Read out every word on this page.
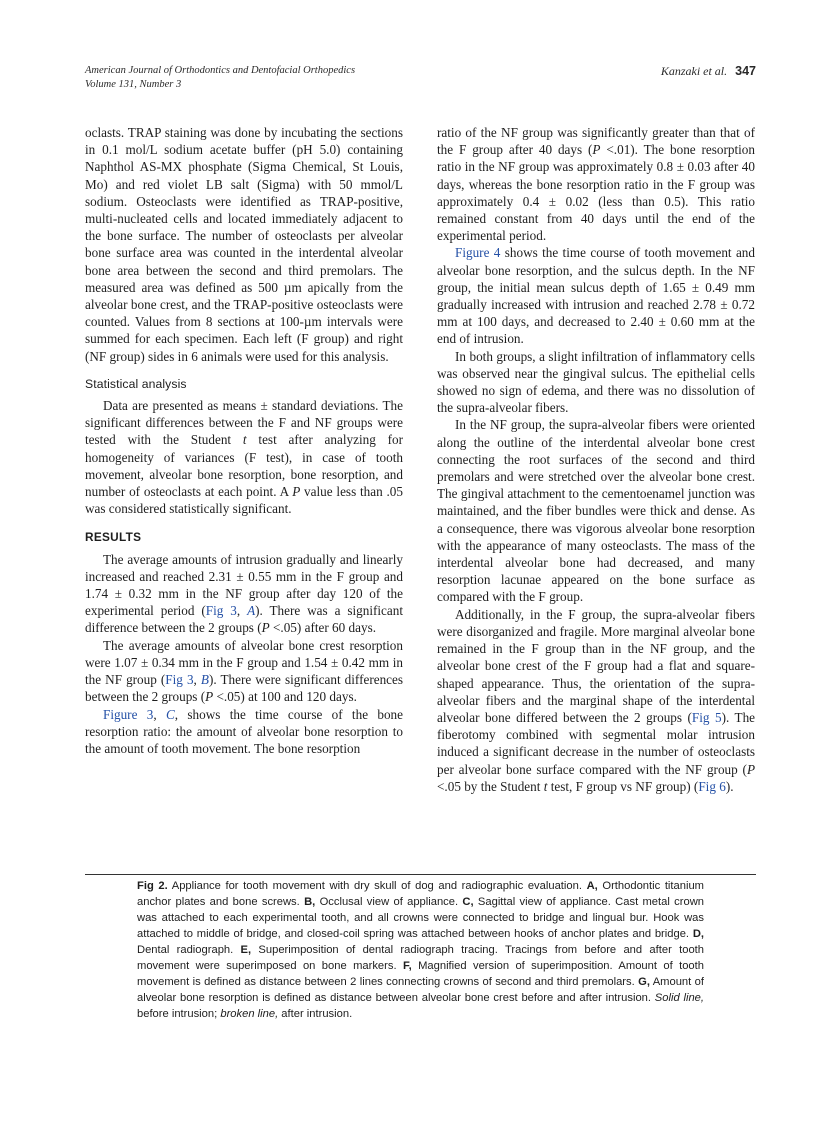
American Journal of Orthodontics and Dentofacial Orthopedics
Volume 131, Number 3
Kanzaki et al. 347

oclasts. TRAP staining was done by incubating the sections in 0.1 mol/L sodium acetate buffer (pH 5.0) containing Naphthol AS-MX phosphate (Sigma Chemical, St Louis, Mo) and red violet LB salt (Sigma) with 50 mmol/L sodium. Osteoclasts were identified as TRAP-positive, multi-nucleated cells and located immediately adjacent to the bone surface. The number of osteoclasts per alveolar bone surface area was counted in the interdental alveolar bone area between the second and third premolars. The measured area was defined as 500 µm apically from the alveolar bone crest, and the TRAP-positive osteoclasts were counted. Values from 8 sections at 100-µm intervals were summed for each specimen. Each left (F group) and right (NF group) sides in 6 animals were used for this analysis.

Statistical analysis

Data are presented as means ± standard deviations. The significant differences between the F and NF groups were tested with the Student t test after analyzing for homogeneity of variances (F test), in case of tooth movement, alveolar bone resorption, bone resorption, and number of osteoclasts at each point. A P value less than .05 was considered statistically significant.

RESULTS

The average amounts of intrusion gradually and linearly increased and reached 2.31 ± 0.55 mm in the F group and 1.74 ± 0.32 mm in the NF group after day 120 of the experimental period (Fig 3, A). There was a significant difference between the 2 groups (P <.05) after 60 days.

The average amounts of alveolar bone crest resorption were 1.07 ± 0.34 mm in the F group and 1.54 ± 0.42 mm in the NF group (Fig 3, B). There were significant differences between the 2 groups (P <.05) at 100 and 120 days.

Figure 3, C, shows the time course of the bone resorption ratio: the amount of alveolar bone resorption to the amount of tooth movement. The bone resorption

ratio of the NF group was significantly greater than that of the F group after 40 days (P <.01). The bone resorption ratio in the NF group was approximately 0.8 ± 0.03 after 40 days, whereas the bone resorption ratio in the F group was approximately 0.4 ± 0.02 (less than 0.5). This ratio remained constant from 40 days until the end of the experimental period.

Figure 4 shows the time course of tooth movement and alveolar bone resorption, and the sulcus depth. In the NF group, the initial mean sulcus depth of 1.65 ± 0.49 mm gradually increased with intrusion and reached 2.78 ± 0.72 mm at 100 days, and decreased to 2.40 ± 0.60 mm at the end of intrusion.

In both groups, a slight infiltration of inflammatory cells was observed near the gingival sulcus. The epithelial cells showed no sign of edema, and there was no dissolution of the supra-alveolar fibers.

In the NF group, the supra-alveolar fibers were oriented along the outline of the interdental alveolar bone crest connecting the root surfaces of the second and third premolars and were stretched over the alveolar bone crest. The gingival attachment to the cementoenamel junction was maintained, and the fiber bundles were thick and dense. As a consequence, there was vigorous alveolar bone resorption with the appearance of many osteoclasts. The mass of the interdental alveolar bone had decreased, and many resorption lacunae appeared on the bone surface as compared with the F group.

Additionally, in the F group, the supra-alveolar fibers were disorganized and fragile. More marginal alveolar bone remained in the F group than in the NF group, and the alveolar bone crest of the F group had a flat and square-shaped appearance. Thus, the orientation of the supra-alveolar fibers and the marginal shape of the interdental alveolar bone differed between the 2 groups (Fig 5). The fiberotomy combined with segmental molar intrusion induced a significant decrease in the number of osteoclasts per alveolar bone surface compared with the NF group (P <.05 by the Student t test, F group vs NF group) (Fig 6).

Fig 2. Appliance for tooth movement with dry skull of dog and radiographic evaluation. A, Orthodontic titanium anchor plates and bone screws. B, Occlusal view of appliance. C, Sagittal view of appliance. Cast metal crown was attached to each experimental tooth, and all crowns were connected to bridge and lingual bur. Hook was attached to middle of bridge, and closed-coil spring was attached between hooks of anchor plates and bridge. D, Dental radiograph. E, Superimposition of dental radiograph tracing. Tracings from before and after tooth movement were superimposed on bone markers. F, Magnified version of superimposition. Amount of tooth movement is defined as distance between 2 lines connecting crowns of second and third premolars. G, Amount of alveolar bone resorption is defined as distance between alveolar bone crest before and after intrusion. Solid line, before intrusion; broken line, after intrusion.
